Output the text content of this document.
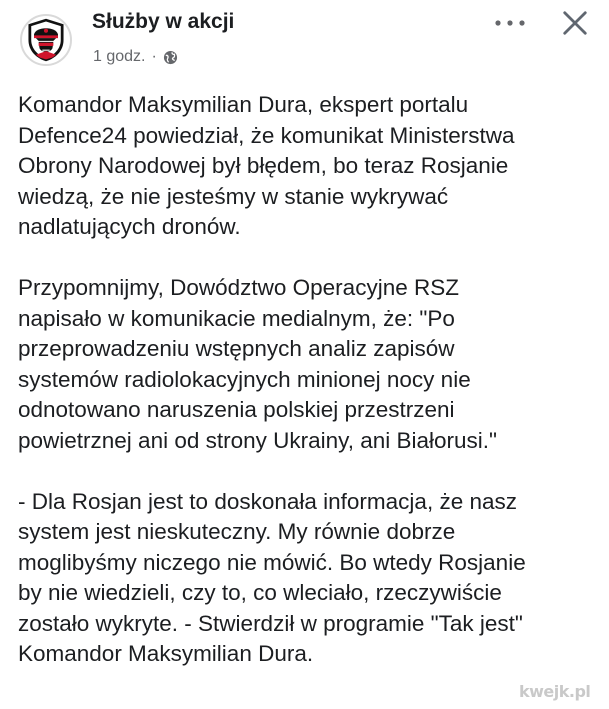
Służby w akcji
1 godz. ·

Komandor Maksymilian Dura, ekspert portalu
Defence24 powiedział, że komunikat Ministerstwa
Obrony Narodowej był błędem, bo teraz Rosjanie
wiedzą, że nie jesteśmy w stanie wykrywać
nadlatujących dronów.

Przypomnijmy, Dowództwo Operacyjne RSZ
napisało w komunikacie medialnym, że: "Po
przeprowadzeniu wstępnych analiz zapisów
systemów radiolokacyjnych minionej nocy nie
odnotowano naruszenia polskiej przestrzeni
powietrznej ani od strony Ukrainy, ani Białorusi."

- Dla Rosjan jest to doskonała informacja, że nasz
system jest nieskuteczny. My równie dobrze
moglibyśmy niczego nie mówić. Bo wtedy Rosjanie
by nie wiedzieli, czy to, co wleciało, rzeczywiście
zostało wykryte. - Stwierdził w programie "Tak jest"
Komandor Maksymilian Dura.

kwejk.pl
